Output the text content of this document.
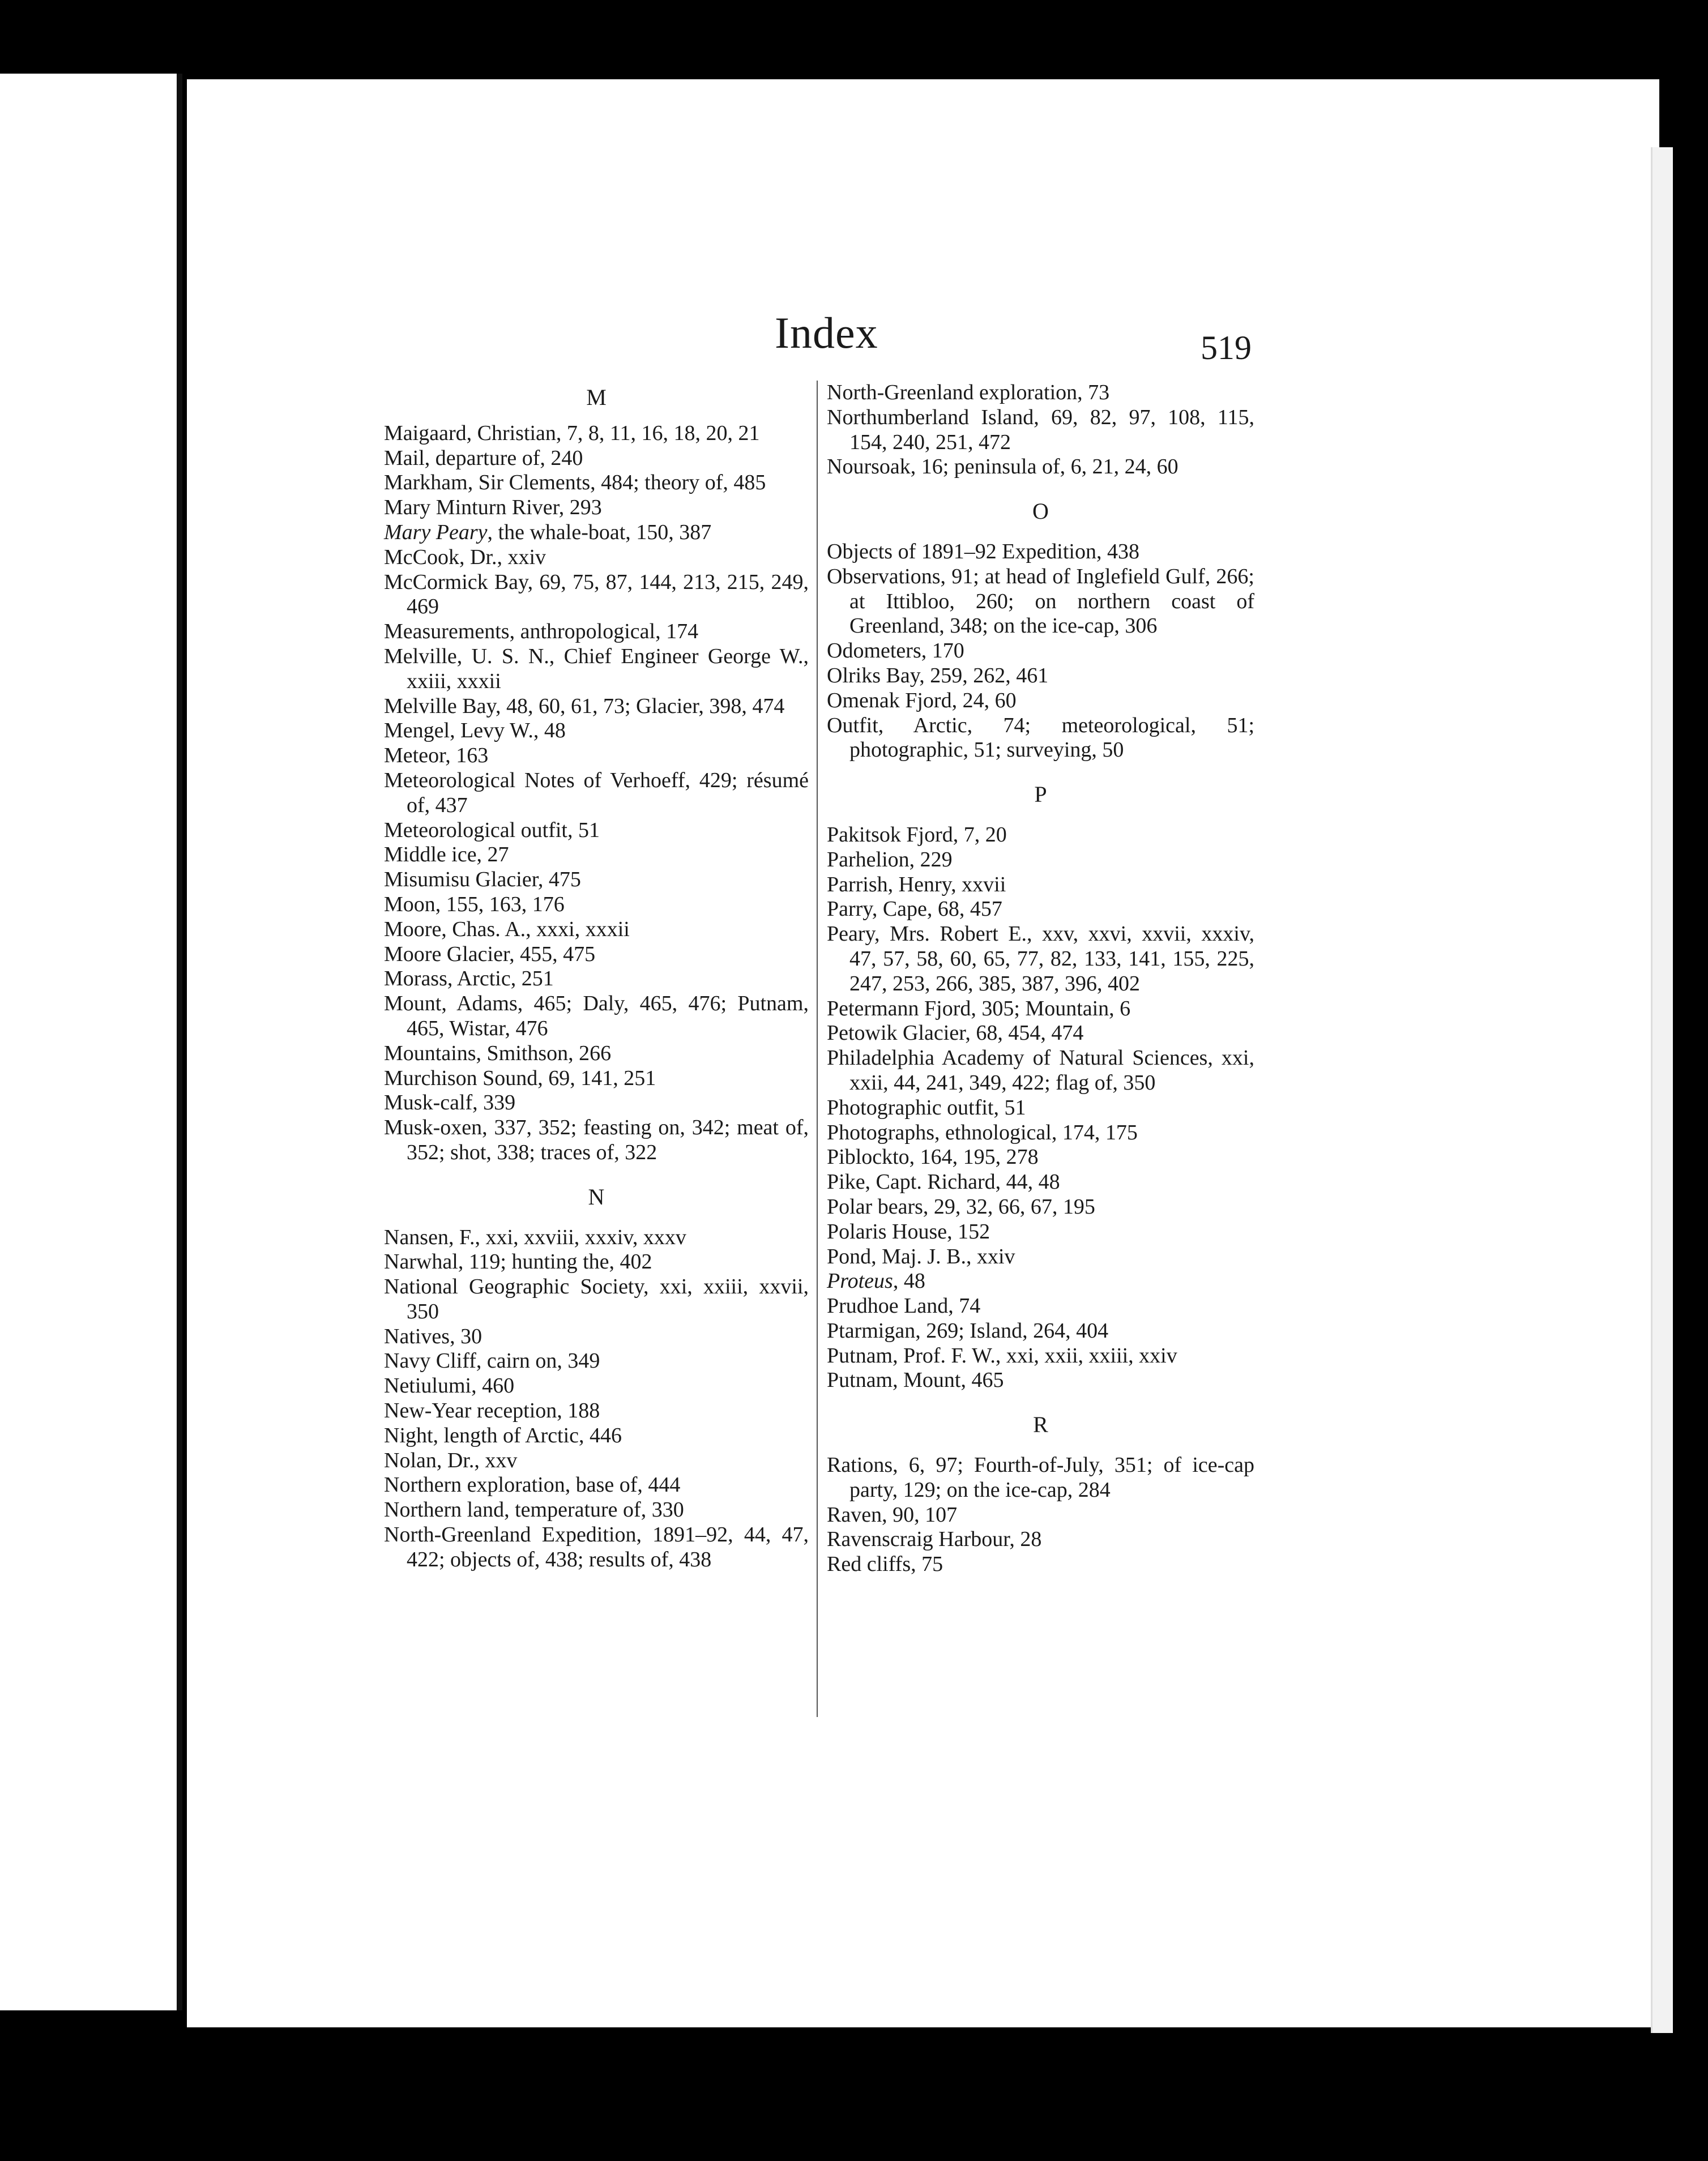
Index	519
M
Maigaard, Christian, 7, 8, 11, 16, 18, 20, 21
Mail, departure of, 240
Markham, Sir Clements, 484; theory of, 485
Mary Minturn River, 293
Mary Peary, the whale-boat, 150, 387
McCook, Dr., xxiv
McCormick Bay, 69, 75, 87, 144, 213, 215, 249, 469
Measurements, anthropological, 174
Melville, U. S. N., Chief Engineer George W., xxiii, xxxii
Melville Bay, 48, 60, 61, 73; Glacier, 398, 474
Mengel, Levy W., 48
Meteor, 163
Meteorological Notes of Verhoeff, 429; résumé of, 437
Meteorological outfit, 51
Middle ice, 27
Misumisu Glacier, 475
Moon, 155, 163, 176
Moore, Chas. A., xxxi, xxxii
Moore Glacier, 455, 475
Morass, Arctic, 251
Mount, Adams, 465; Daly, 465, 476; Putnam, 465, Wistar, 476
Mountains, Smithson, 266
Murchison Sound, 69, 141, 251
Musk-calf, 339
Musk-oxen, 337, 352; feasting on, 342; meat of, 352; shot, 338; traces of, 322
N
Nansen, F., xxi, xxviii, xxxiv, xxxv
Narwhal, 119; hunting the, 402
National Geographic Society, xxi, xxiii, xxvii, 350
Natives, 30
Navy Cliff, cairn on, 349
Netiulumi, 460
New-Year reception, 188
Night, length of Arctic, 446
Nolan, Dr., xxv
Northern exploration, base of, 444
Northern land, temperature of, 330
North-Greenland Expedition, 1891–92, 44, 47, 422; objects of, 438; results of, 438
North-Greenland exploration, 73
Northumberland Island, 69, 82, 97, 108, 115, 154, 240, 251, 472
Noursoak, 16; peninsula of, 6, 21, 24, 60
O
Objects of 1891–92 Expedition, 438
Observations, 91; at head of Inglefield Gulf, 266; at Ittibloo, 260; on northern coast of Greenland, 348; on the ice-cap, 306
Odometers, 170
Olriks Bay, 259, 262, 461
Omenak Fjord, 24, 60
Outfit, Arctic, 74; meteorological, 51; photographic, 51; surveying, 50
P
Pakitsok Fjord, 7, 20
Parhelion, 229
Parrish, Henry, xxvii
Parry, Cape, 68, 457
Peary, Mrs. Robert E., xxv, xxvi, xxvii, xxxiv, 47, 57, 58, 60, 65, 77, 82, 133, 141, 155, 225, 247, 253, 266, 385, 387, 396, 402
Petermann Fjord, 305; Mountain, 6
Petowik Glacier, 68, 454, 474
Philadelphia Academy of Natural Sciences, xxi, xxii, 44, 241, 349, 422; flag of, 350
Photographic outfit, 51
Photographs, ethnological, 174, 175
Piblockto, 164, 195, 278
Pike, Capt. Richard, 44, 48
Polar bears, 29, 32, 66, 67, 195
Polaris House, 152
Pond, Maj. J. B., xxiv
Proteus, 48
Prudhoe Land, 74
Ptarmigan, 269; Island, 264, 404
Putnam, Prof. F. W., xxi, xxii, xxiii, xxiv
Putnam, Mount, 465
R
Rations, 6, 97; Fourth-of-July, 351; of ice-cap party, 129; on the ice-cap, 284
Raven, 90, 107
Ravenscraig Harbour, 28
Red cliffs, 75
